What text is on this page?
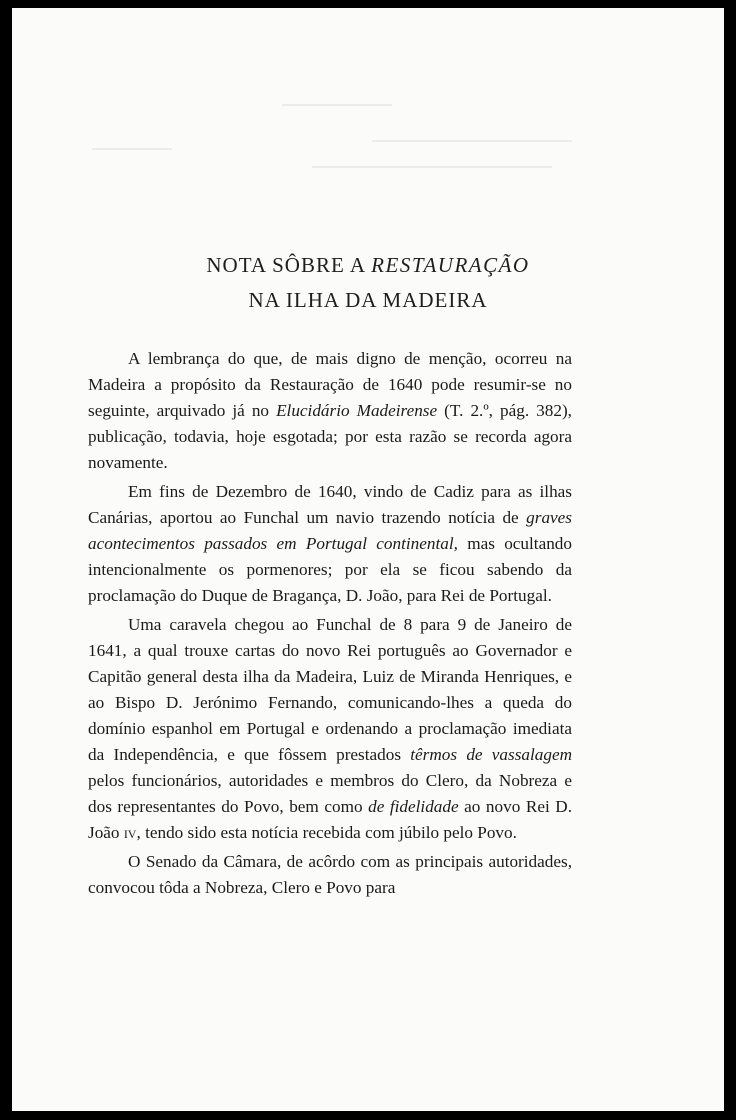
NOTA SÔBRE A RESTAURAÇÃO
NA ILHA DA MADEIRA

A lembrança do que, de mais digno de menção, ocorreu na Madeira a propósito da Restauração de 1640 pode resumir-se no seguinte, arquivado já no Elucidário Madeirense (T. 2.º, pág. 382), publicação, todavia, hoje esgotada; por esta razão se recorda agora novamente.

Em fins de Dezembro de 1640, vindo de Cadiz para as ilhas Canárias, aportou ao Funchal um navio trazendo notícia de graves acontecimentos passados em Portugal continental, mas ocultando intencionalmente os pormenores; por ela se ficou sabendo da proclamação do Duque de Bragança, D. João, para Rei de Portugal.

Uma caravela chegou ao Funchal de 8 para 9 de Janeiro de 1641, a qual trouxe cartas do novo Rei português ao Governador e Capitão general desta ilha da Madeira, Luiz de Miranda Henriques, e ao Bispo D. Jerónimo Fernando, comunicando-lhes a queda do domínio espanhol em Portugal e ordenando a proclamação imediata da Independência, e que fôssem prestados têrmos de vassalagem pelos funcionários, autoridades e membros do Clero, da Nobreza e dos representantes do Povo, bem como de fidelidade ao novo Rei D. João iv, tendo sido esta notícia recebida com júbilo pelo Povo.

O Senado da Câmara, de acôrdo com as principais autoridades, convocou tôda a Nobreza, Clero e Povo para
